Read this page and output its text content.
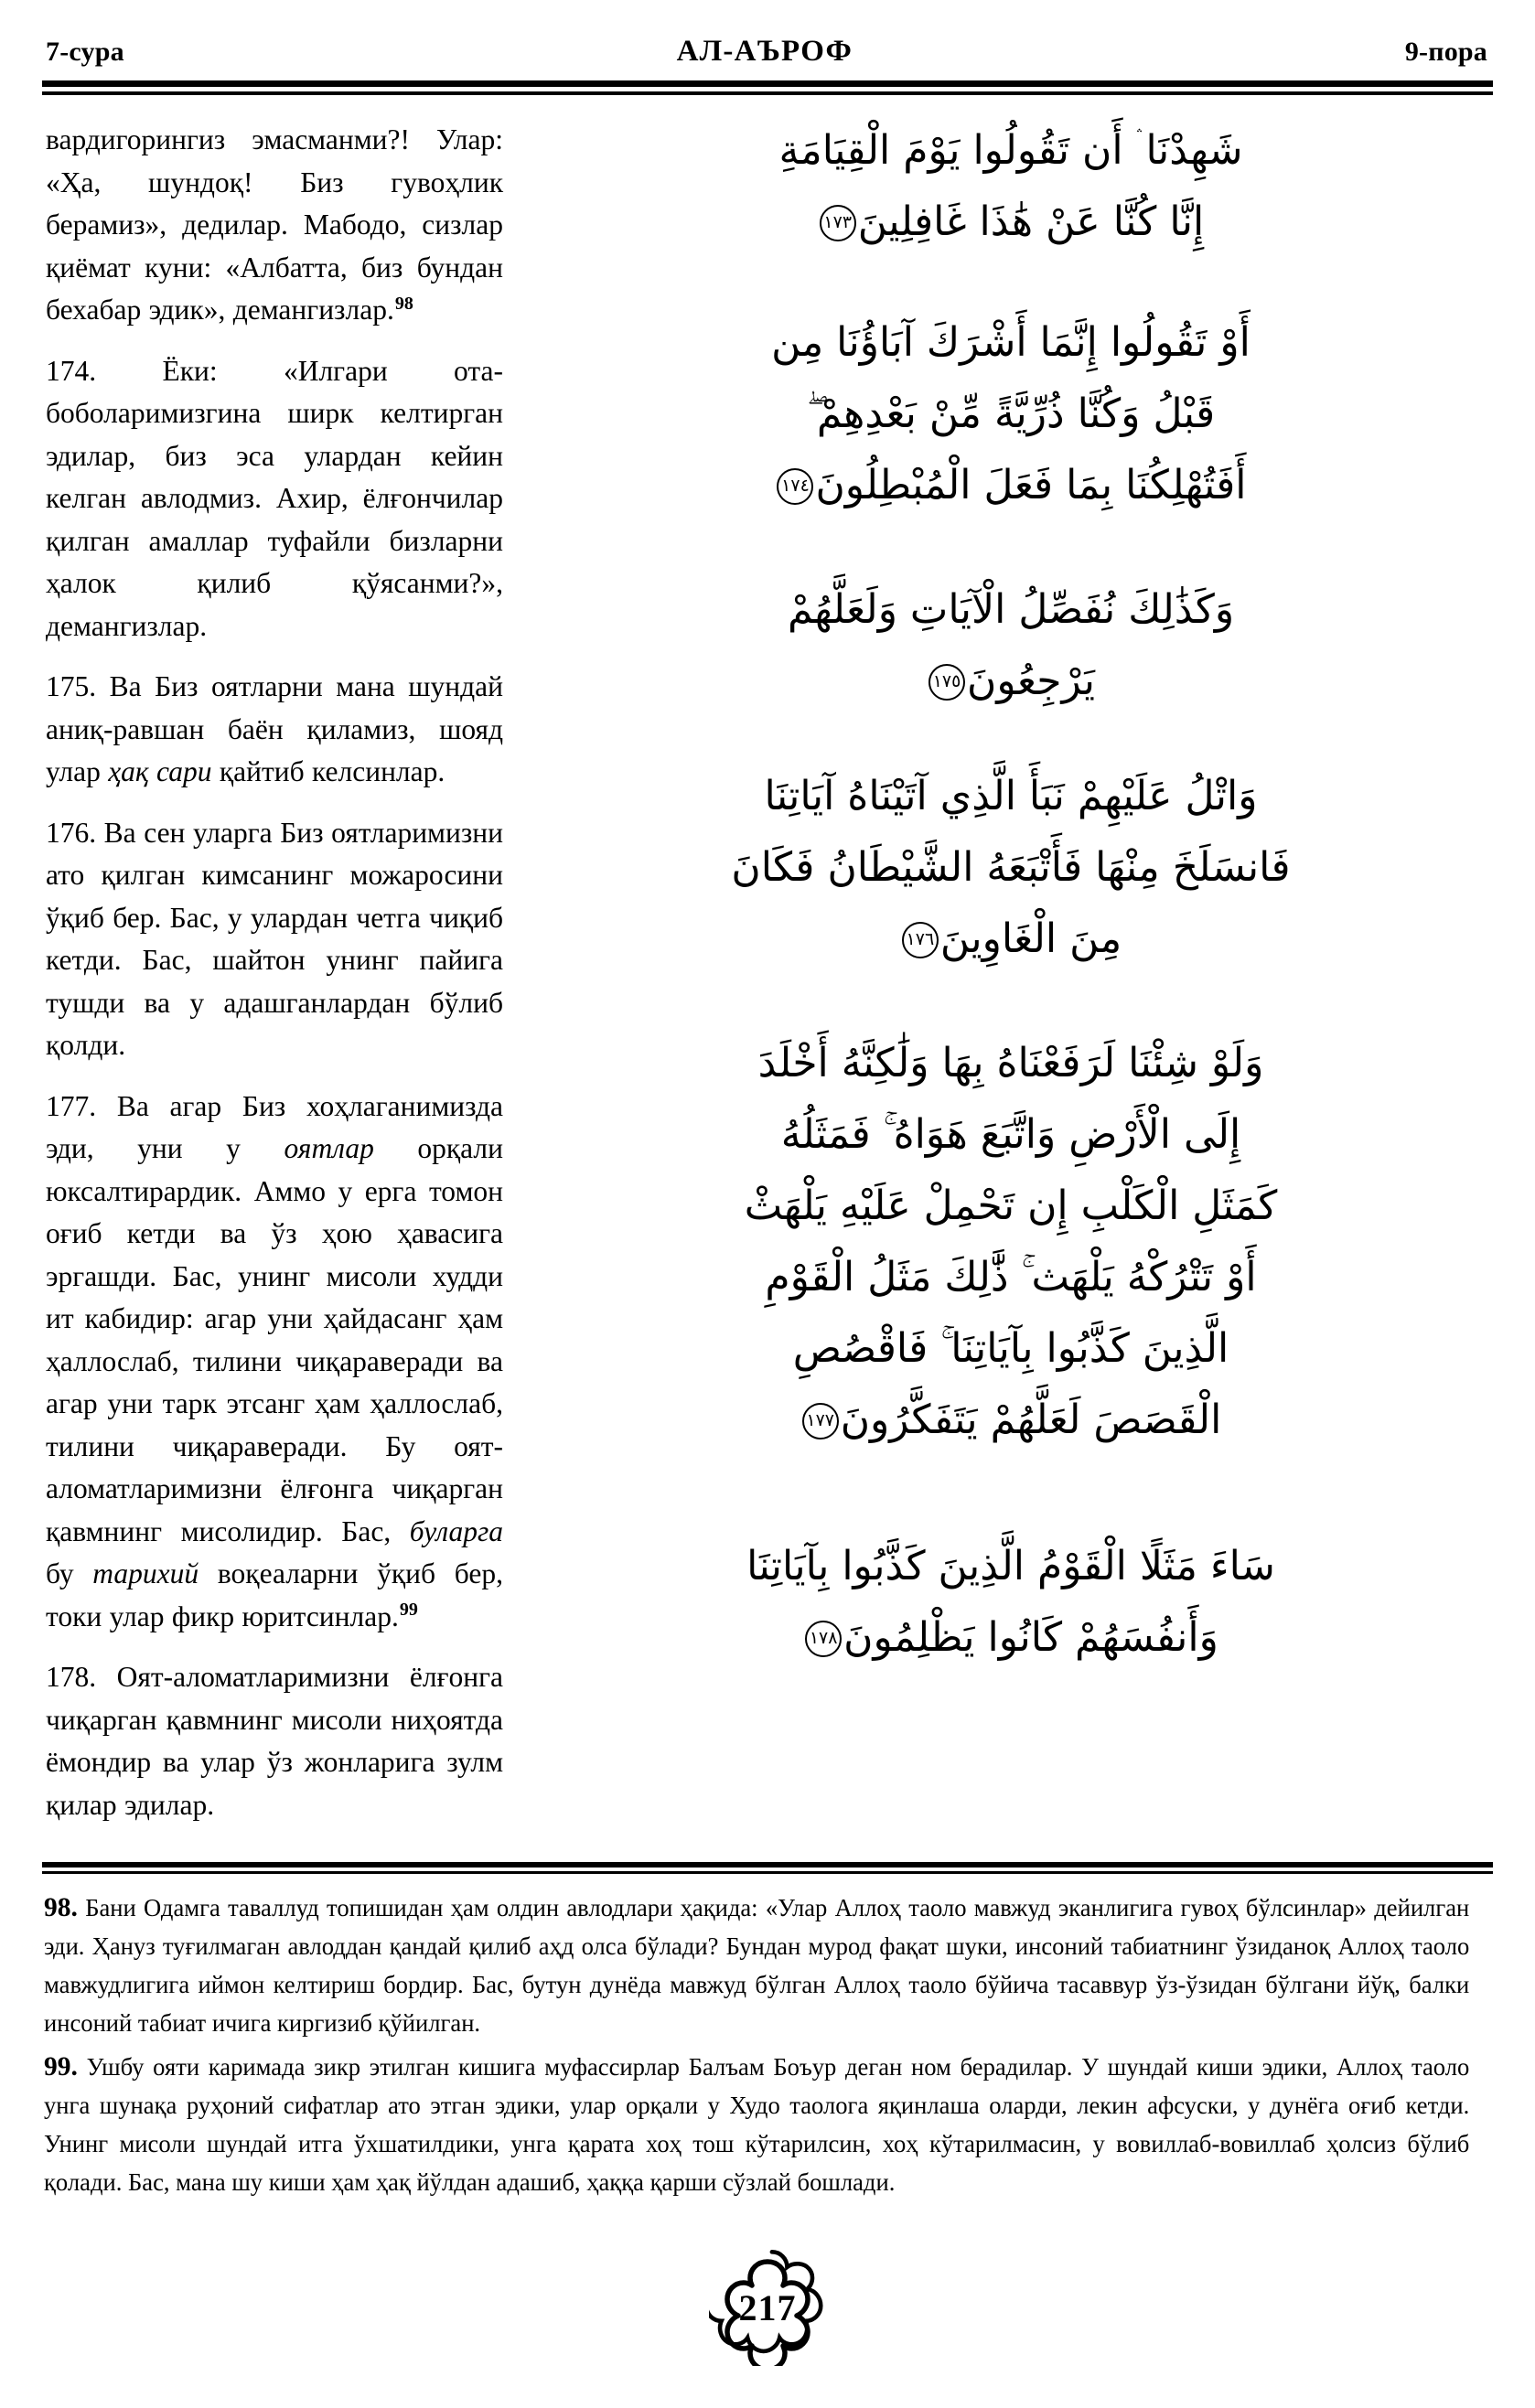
7-сура	АЛ-АЪРОФ	9-пора

вардигорингиз эмасманми?! Улар: «Ҳа, шундоқ! Биз гувоҳлик берамиз», дедилар. Мабодо, сизлар қиёмат куни: «Албатта, биз бундан бехабар эдик», демангизлар.$^{98}$

174. Ёки: «Илгари ота-боболаримизгина ширк келтирган эдилар, биз эса улардан кейин келган авлодмиз. Ахир, ёлғончилар қилган амаллар туфайли бизларни ҳалок қилиб қўясанми?», демангизлар.

175. Ва Биз оятларни мана шундай аниқ-равшан баён қиламиз, шояд улар ҳақ сари қайтиб келсинлар.

176. Ва сен уларга Биз оятларимизни ато қилган кимсанинг можаросини ўқиб бер. Бас, у улардан четга чиқиб кетди. Бас, шайтон унинг пайига тушди ва у адашганлардан бўлиб қолди.

177. Ва агар Биз хоҳлаганимизда эди, уни у оятлар орқали юксалтирардик. Аммо у ерга томон оғиб кетди ва ўз ҳою ҳавасига эргашди. Бас, унинг мисоли худди ит кабидир: агар уни ҳайдасанг ҳам ҳаллослаб, тилини чиқараверади ва агар уни тарк этсанг ҳам ҳаллослаб, тилини чиқараверади. Бу оят-аломатларимизни ёлғонга чиқарган қавмнинг мисолидир. Бас, буларга бу тарихий воқеаларни ўқиб бер, токи улар фикр юритсинлар.$^{99}$

178. Оят-аломатларимизни ёлғонга чиқарган қавмнинг мисоли ниҳоятда ёмондир ва улар ўз жонларига зулм қилар эдилар.

شَهِدْنَا ۛ أَن تَقُولُوا يَوْمَ الْقِيَامَةِ
إِنَّا كُنَّا عَنْ هَٰذَا غَافِلِينَ١٧٣
أَوْ تَقُولُوا إِنَّمَا أَشْرَكَ آبَاؤُنَا مِن
قَبْلُ وَكُنَّا ذُرِّيَّةً مِّنْ بَعْدِهِمْ ۖ
أَفَتُهْلِكُنَا بِمَا فَعَلَ الْمُبْطِلُونَ١٧٤
وَكَذَٰلِكَ نُفَصِّلُ الْآيَاتِ وَلَعَلَّهُمْ
يَرْجِعُونَ١٧٥
وَاتْلُ عَلَيْهِمْ نَبَأَ الَّذِي آتَيْنَاهُ آيَاتِنَا
فَانسَلَخَ مِنْهَا فَأَتْبَعَهُ الشَّيْطَانُ فَكَانَ
مِنَ الْغَاوِينَ١٧٦
وَلَوْ شِئْنَا لَرَفَعْنَاهُ بِهَا وَلَٰكِنَّهُ أَخْلَدَ
إِلَى الْأَرْضِ وَاتَّبَعَ هَوَاهُ ۚ فَمَثَلُهُ
كَمَثَلِ الْكَلْبِ إِن تَحْمِلْ عَلَيْهِ يَلْهَثْ
أَوْ تَتْرُكْهُ يَلْهَث ۚ ذَّٰلِكَ مَثَلُ الْقَوْمِ
الَّذِينَ كَذَّبُوا بِآيَاتِنَا ۚ فَاقْصُصِ
الْقَصَصَ لَعَلَّهُمْ يَتَفَكَّرُونَ١٧٧
سَاءَ مَثَلًا الْقَوْمُ الَّذِينَ كَذَّبُوا بِآيَاتِنَا
وَأَنفُسَهُمْ كَانُوا يَظْلِمُونَ١٧٨

98. Бани Одамга таваллуд топишидан ҳам олдин авлодлари ҳақида: «Улар Аллоҳ таоло мавжуд эканлигига гувоҳ бўлсинлар» дейилган эди. Ҳануз туғилмаган авлоддан қандай қилиб аҳд олса бўлади? Бундан мурод фақат шуки, инсоний табиатнинг ўзиданоқ Аллоҳ таоло мавжудлигига иймон келтириш бордир. Бас, бутун дунёда мавжуд бўлган Аллоҳ таоло бўйича тасаввур ўз-ўзидан бўлгани йўқ, балки инсоний табиат ичига киргизиб қўйилган.

99. Ушбу ояти каримада зикр этилган кишига муфассирлар Балъам Боъур деган ном берадилар. У шундай киши эдики, Аллоҳ таоло унга шунақа руҳоний сифатлар ато этган эдики, улар орқали у Худо таологa яқинлаша оларди, лекин афсуски, у дунёга оғиб кетди. Унинг мисоли шундай итга ўхшатилдики, унга қарата хоҳ тош кўтарилсин, хоҳ кўтарилмасин, у вовиллаб-вовиллаб ҳолсиз бўлиб қолади. Бас, мана шу киши ҳам ҳақ йўлдан адашиб, ҳаққа қарши сўзлай бошлади.

217
